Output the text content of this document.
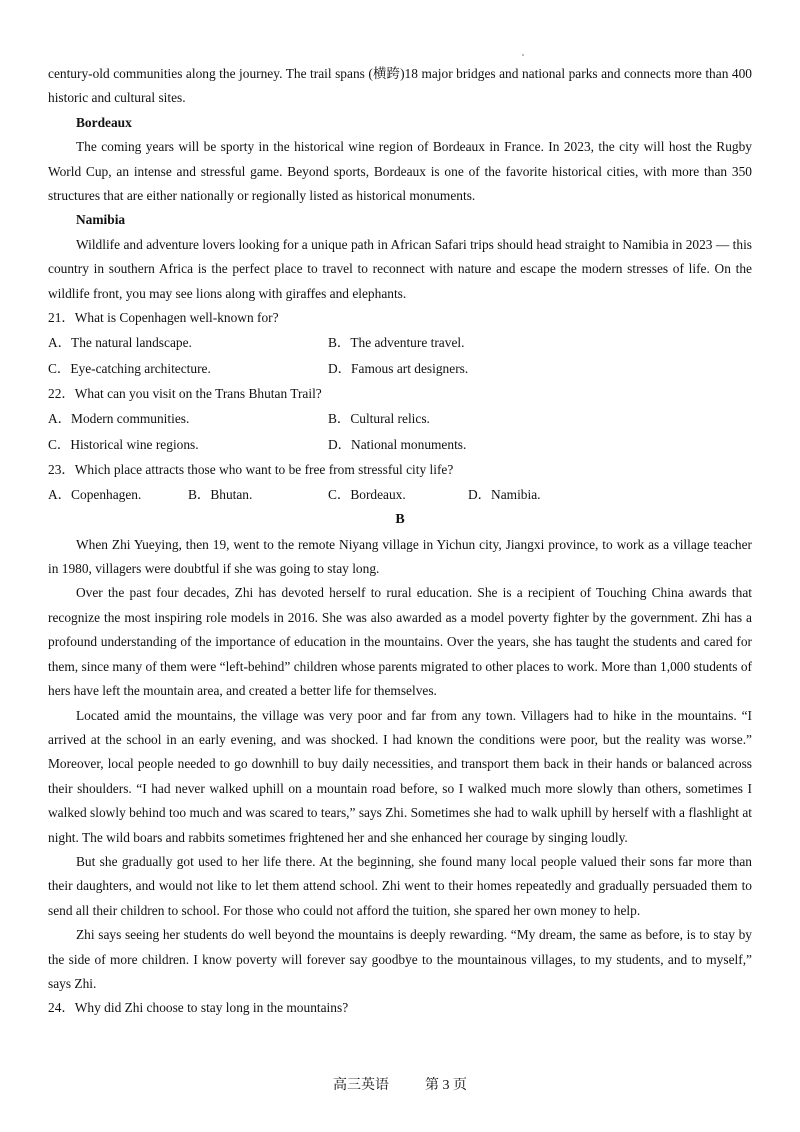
century-old communities along the journey. The trail spans (横跨)18 major bridges and national parks and connects more than 400 historic and cultural sites.

Bordeaux

The coming years will be sporty in the historical wine region of Bordeaux in France. In 2023, the city will host the Rugby World Cup, an intense and stressful game. Beyond sports, Bordeaux is one of the favorite historical cities, with more than 350 structures that are either nationally or regionally listed as historical monuments.

Namibia

Wildlife and adventure lovers looking for a unique path in African Safari trips should head straight to Namibia in 2023 — this country in southern Africa is the perfect place to travel to reconnect with nature and escape the modern stresses of life. On the wildlife front, you may see lions along with giraffes and elephants.

21．What is Copenhagen well-known for?

A．The natural landscape.	B．The adventure travel.
C．Eye-catching architecture.	D．Famous art designers.

22．What can you visit on the Trans Bhutan Trail?

A．Modern communities.	B．Cultural relics.
C．Historical wine regions.	D．National monuments.

23．Which place attracts those who want to be free from stressful city life?

A．Copenhagen.	B．Bhutan.	C．Bordeaux.	D．Namibia.

B

When Zhi Yueying, then 19, went to the remote Niyang village in Yichun city, Jiangxi province, to work as a village teacher in 1980, villagers were doubtful if she was going to stay long.

Over the past four decades, Zhi has devoted herself to rural education. She is a recipient of Touching China awards that recognize the most inspiring role models in 2016. She was also awarded as a model poverty fighter by the government. Zhi has a profound understanding of the importance of education in the mountains. Over the years, she has taught the students and cared for them, since many of them were “left-behind” children whose parents migrated to other places to work. More than 1,000 students of hers have left the mountain area, and created a better life for themselves.

Located amid the mountains, the village was very poor and far from any town. Villagers had to hike in the mountains. “I arrived at the school in an early evening, and was shocked. I had known the conditions were poor, but the reality was worse.” Moreover, local people needed to go downhill to buy daily necessities, and transport them back in their hands or balanced across their shoulders. “I had never walked uphill on a mountain road before, so I walked much more slowly than others, sometimes I walked slowly behind too much and was scared to tears,” says Zhi. Sometimes she had to walk uphill by herself with a flashlight at night. The wild boars and rabbits sometimes frightened her and she enhanced her courage by singing loudly.

But she gradually got used to her life there. At the beginning, she found many local people valued their sons far more than their daughters, and would not like to let them attend school. Zhi went to their homes repeatedly and gradually persuaded them to send all their children to school. For those who could not afford the tuition, she spared her own money to help.

Zhi says seeing her students do well beyond the mountains is deeply rewarding. “My dream, the same as before, is to stay by the side of more children. I know poverty will forever say goodbye to the mountainous villages, to my students, and to myself,” says Zhi.

24．Why did Zhi choose to stay long in the mountains?

高三英语	第 3 页
